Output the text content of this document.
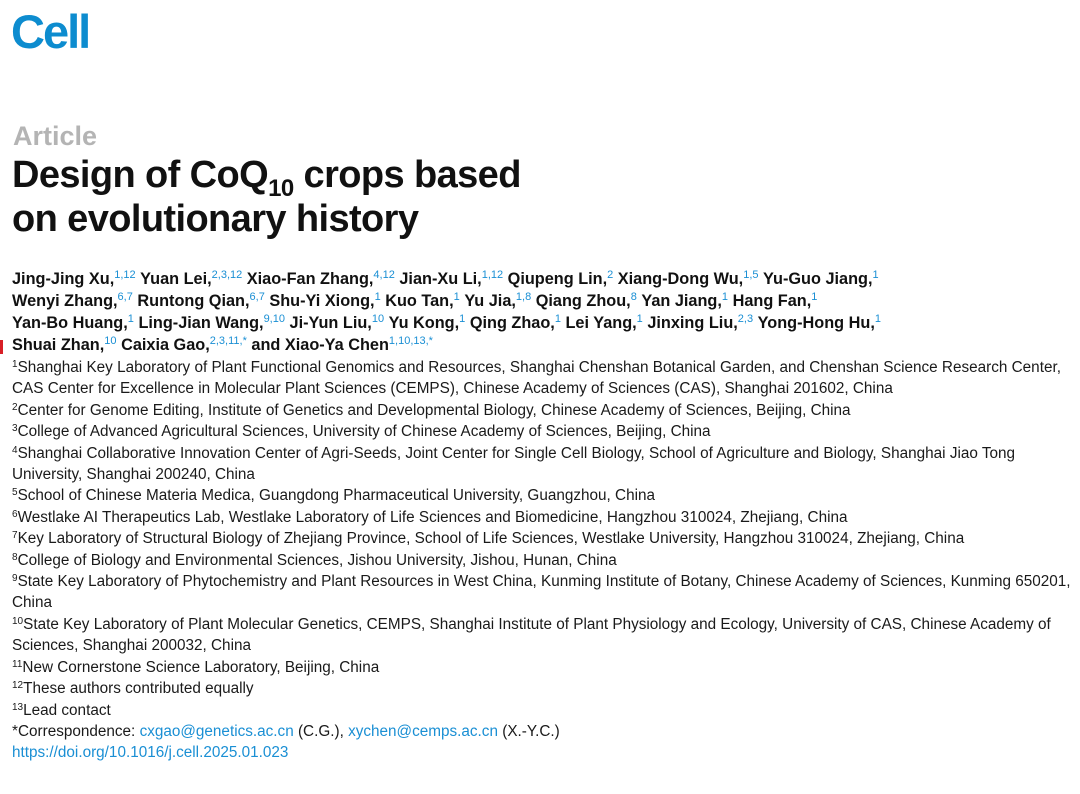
Cell
Article
Design of CoQ$_{10}$ crops based
on evolutionary history
Jing-Jing Xu,$^{1,12}$ Yuan Lei,$^{2,3,12}$ Xiao-Fan Zhang,$^{4,12}$ Jian-Xu Li,$^{1,12}$ Qiupeng Lin,$^2$ Xiang-Dong Wu,$^{1,5}$ Yu-Guo Jiang,$^1$
Wenyi Zhang,$^{6,7}$ Runtong Qian,$^{6,7}$ Shu-Yi Xiong,$^1$ Kuo Tan,$^1$ Yu Jia,$^{1,8}$ Qiang Zhou,$^8$ Yan Jiang,$^1$ Hang Fan,$^1$
Yan-Bo Huang,$^1$ Ling-Jian Wang,$^{9,10}$ Ji-Yun Liu,$^{10}$ Yu Kong,$^1$ Qing Zhao,$^1$ Lei Yang,$^1$ Jinxing Liu,$^{2,3}$ Yong-Hong Hu,$^1$
Shuai Zhan,$^{10}$ Caixia Gao,$^{2,3,11,*}$ and Xiao-Ya Chen$^{1,10,13,*}$
$^1$Shanghai Key Laboratory of Plant Functional Genomics and Resources, Shanghai Chenshan Botanical Garden, and Chenshan Science Research Center, CAS Center for Excellence in Molecular Plant Sciences (CEMPS), Chinese Academy of Sciences (CAS), Shanghai 201602, China
$^2$Center for Genome Editing, Institute of Genetics and Developmental Biology, Chinese Academy of Sciences, Beijing, China
$^3$College of Advanced Agricultural Sciences, University of Chinese Academy of Sciences, Beijing, China
$^4$Shanghai Collaborative Innovation Center of Agri-Seeds, Joint Center for Single Cell Biology, School of Agriculture and Biology, Shanghai Jiao Tong University, Shanghai 200240, China
$^5$School of Chinese Materia Medica, Guangdong Pharmaceutical University, Guangzhou, China
$^6$Westlake AI Therapeutics Lab, Westlake Laboratory of Life Sciences and Biomedicine, Hangzhou 310024, Zhejiang, China
$^7$Key Laboratory of Structural Biology of Zhejiang Province, School of Life Sciences, Westlake University, Hangzhou 310024, Zhejiang, China
$^8$College of Biology and Environmental Sciences, Jishou University, Jishou, Hunan, China
$^9$State Key Laboratory of Phytochemistry and Plant Resources in West China, Kunming Institute of Botany, Chinese Academy of Sciences, Kunming 650201, China
$^{10}$State Key Laboratory of Plant Molecular Genetics, CEMPS, Shanghai Institute of Plant Physiology and Ecology, University of CAS, Chinese Academy of Sciences, Shanghai 200032, China
$^{11}$New Cornerstone Science Laboratory, Beijing, China
$^{12}$These authors contributed equally
$^{13}$Lead contact
*Correspondence: cxgao@genetics.ac.cn (C.G.), xychen@cemps.ac.cn (X.-Y.C.)
https://doi.org/10.1016/j.cell.2025.01.023
